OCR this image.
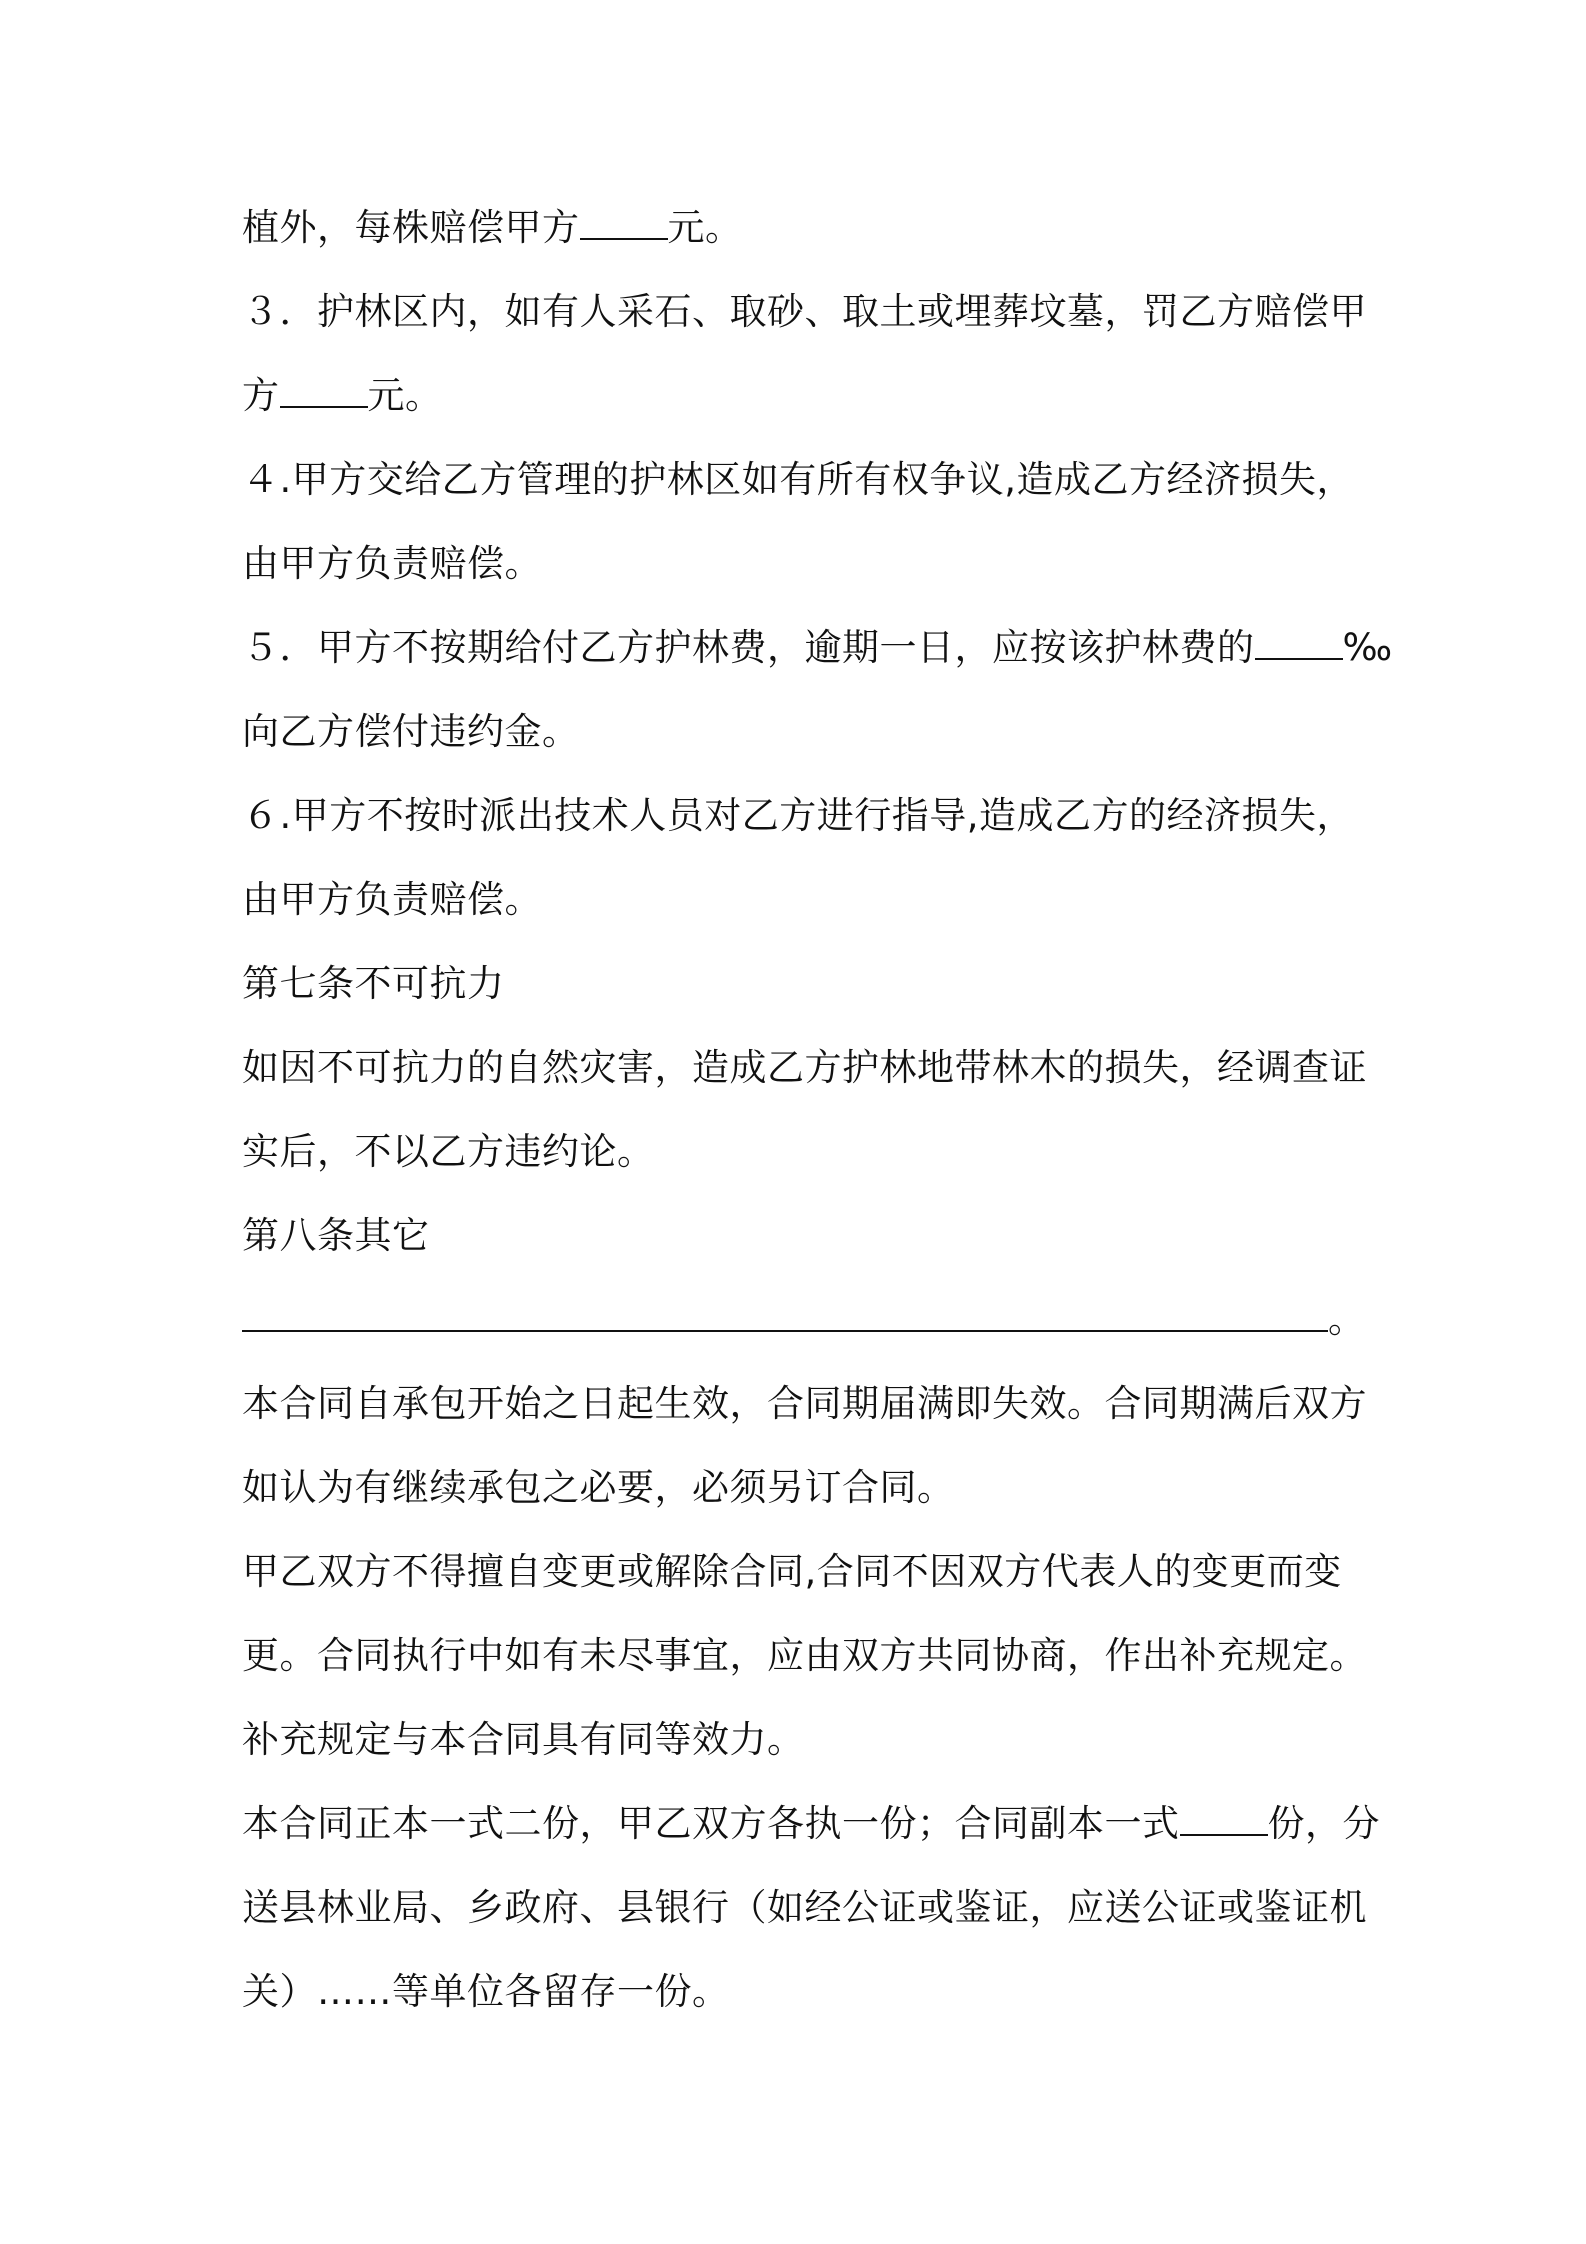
植外，每株赔偿甲方 元。
３．护林区内，如有人采石、取砂、取土或埋葬坟墓，罚乙方赔偿甲
方 元。
４.甲方交给乙方管理的护林区如有所有权争议,造成乙方经济损失，
由甲方负责赔偿。
５．甲方不按期给付乙方护林费，逾期一日，应按该护林费的 ‰
向乙方偿付违约金。
６.甲方不按时派出技术人员对乙方进行指导,造成乙方的经济损失，
由甲方负责赔偿。
第七条不可抗力
如因不可抗力的自然灾害，造成乙方护林地带林木的损失，经调查证
实后，不以乙方违约论。
第八条其它
。
本合同自承包开始之日起生效，合同期届满即失效。合同期满后双方
如认为有继续承包之必要，必须另订合同。
甲乙双方不得擅自变更或解除合同,合同不因双方代表人的变更而变
更。合同执行中如有未尽事宜，应由双方共同协商，作出补充规定。
补充规定与本合同具有同等效力。
本合同正本一式二份，甲乙双方各执一份；合同副本一式 份，分
送县林业局、乡政府、县银行（如经公证或鉴证，应送公证或鉴证机
关）……等单位各留存一份。
